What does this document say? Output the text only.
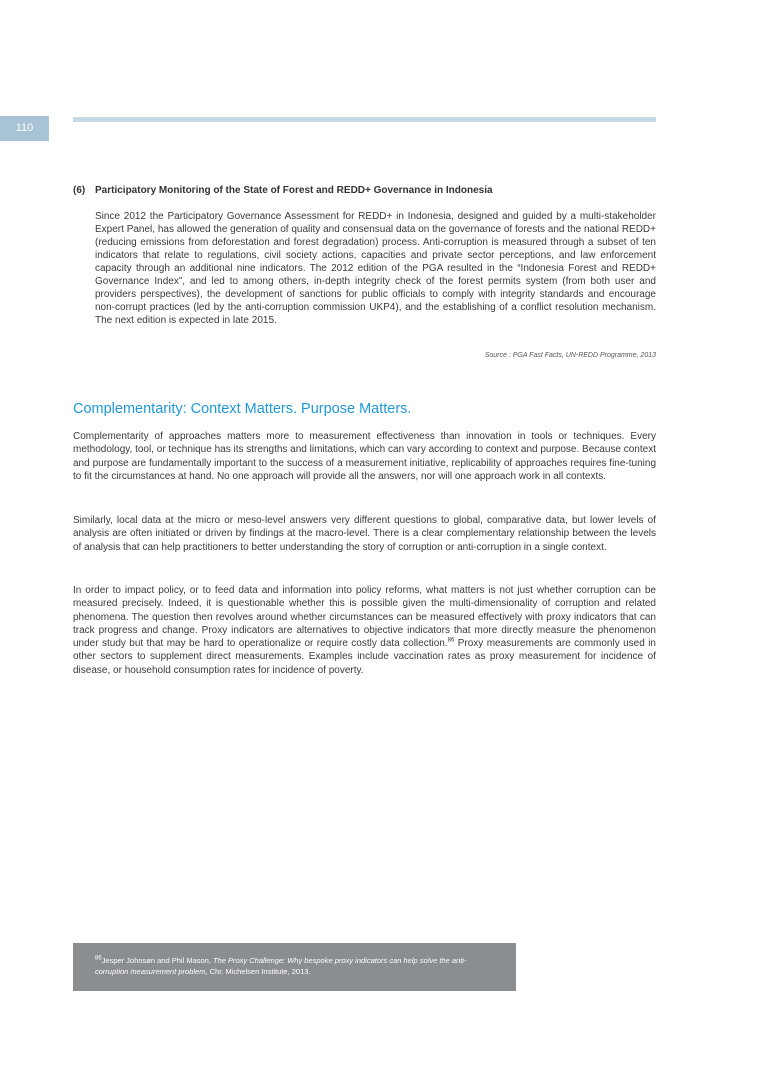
110
(6) Participatory Monitoring of the State of Forest and REDD+ Governance in Indonesia
Since 2012 the Participatory Governance Assessment for REDD+ in Indonesia, designed and guided by a multi-stakeholder Expert Panel, has allowed the generation of quality and consensual data on the governance of forests and the national REDD+ (reducing emissions from deforestation and forest degradation) process. Anti-corruption is measured through a subset of ten indicators that relate to regulations, civil society actions, capacities and private sector perceptions, and law enforcement capacity through an additional nine indicators. The 2012 edition of the PGA resulted in the “Indonesia Forest and REDD+ Governance Index”, and led to among others, in-depth integrity check of the forest permits system (from both user and providers perspectives), the development of sanctions for public officials to comply with integrity standards and encourage non-corrupt practices (led by the anti-corruption commission UKP4), and the establishing of a conflict resolution mechanism. The next edition is expected in late 2015.
Source : PGA Fast Facts, UN-REDD Programme, 2013
Complementarity: Context Matters. Purpose Matters.

Complementarity of approaches matters more to measurement effectiveness than innovation in tools or techniques. Every methodology, tool, or technique has its strengths and limitations, which can vary according to context and purpose. Because context and purpose are fundamentally important to the success of a measurement initiative, replicability of approaches requires fine-tuning to fit the circumstances at hand. No one approach will provide all the answers, nor will one approach work in all contexts.

Similarly, local data at the micro or meso-level answers very different questions to global, comparative data, but lower levels of analysis are often initiated or driven by findings at the macro-level. There is a clear complementary relationship between the levels of analysis that can help practitioners to better understanding the story of corruption or anti-corruption in a single context.

In order to impact policy, or to feed data and information into policy reforms, what matters is not just whether corruption can be measured precisely. Indeed, it is questionable whether this is possible given the multi-dimensionality of corruption and related phenomena. The question then revolves around whether circumstances can be measured effectively with proxy indicators that can track progress and change. Proxy indicators are alternatives to objective indicators that more directly measure the phenomenon under study but that may be hard to operationalize or require costly data collection.$^{86}$ Proxy measurements are commonly used in other sectors to supplement direct measurements. Examples include vaccination rates as proxy measurement for incidence of disease, or household consumption rates for incidence of poverty.

$^{86}$Jesper Johnsøn and Phil Mason, The Proxy Challenge: Why bespoke proxy indicators can help solve the anti-corruption measurement problem, Chr. Michelsen Institute, 2013.
